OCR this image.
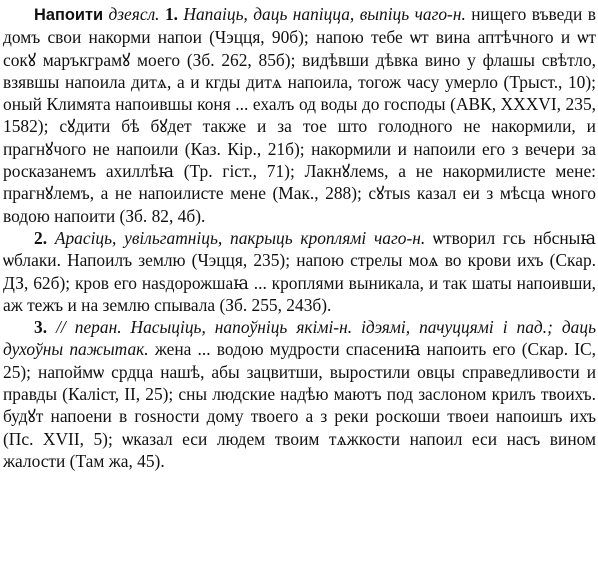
Напоити дзеясл. 1. Напаіць, даць напіцца, выпіць чаго-н. нищего въведи в домъ свои накорми напои (Чэцця, 90б); напою тебе ѡт вина аптѣчного и ѡт сокꙋ маръкграмꙋ моего (Зб. 262, 85б); видѣвши дѣвка вино у флашы свѣтло, взявшы напоила дитѧ, а и кгды дитѧ напоила, тогож часу умерло (Трыст., 10); оный Климята напоившы коня ... ехалъ од воды до господы (АВК, XXXVI, 235, 1582); сꙋдити бѣ бꙋдет также и за тое што голодного не накормили, и прагнꙋчого не напоили (Каз. Кір., 21б); накормили и напоили его з вечери за росказанемъ ахиллѣꙗ (Тр. гіст., 71); Лакнꙋлемs, а не накормилисте мене: прагнꙋлемъ, а не напоилисте мене (Мак., 288); сꙋтыs казал еи з мѣсца ѡного водою напоити (Зб. 82, 4б).

2. Арасіць, увільгатніць, пакрыць кроплямі чаго-н. ѡтворил гсь нбсныꙗ ѡблаки. Напоилъ землю (Чэцця, 235); напою стрелы моѧ во крови ихъ (Скар. ДЗ, 62б); кров его наsдорожшаꙗ ... кроплями выникала, и так шаты напоивши, аж тежъ и на землю спывала (Зб. 255, 243б).

3. // перан. Насыціць, напоўніць якімі-н. ідэямі, пачуццямі і пад.; даць духоўны пажытак. жена ... водою мудрости спасениꙗ напоить его (Скар. ІС, 25); напоймѡ срдца нашѣ, абы зацвитши, выростили овцы справедливости и правды (Каліст, ІІ, 25); сны людские надѣю маютъ под заслоном крилъ твоихъ. будꙋт напоени в гоsности дому твоего а з реки роскоши твоеи напоишъ ихъ (Пс. XVII, 5); ѡказал еси людем твоим тѧжкости напоил еси насъ вином жалости (Там жа, 45).
